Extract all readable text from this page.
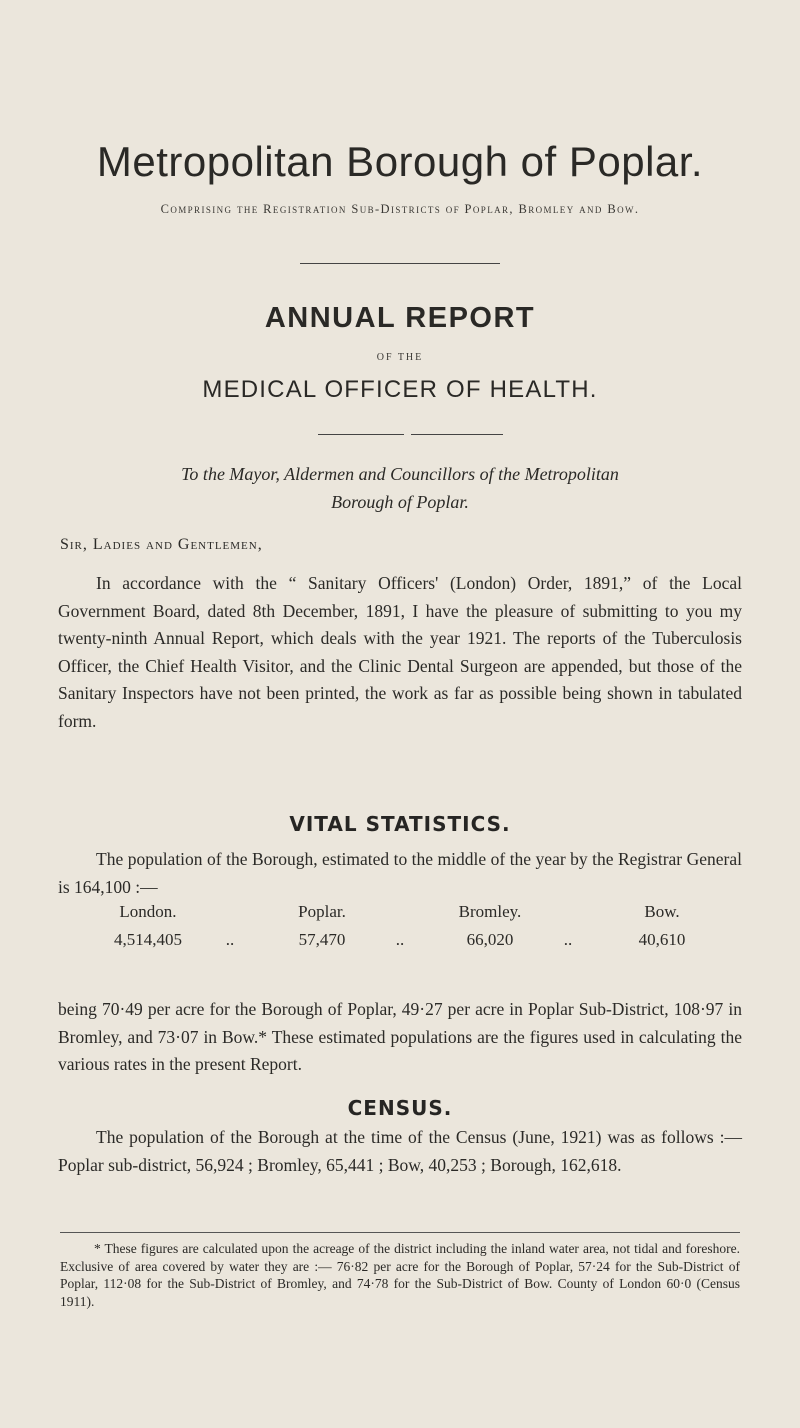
Metropolitan Borough of Poplar.
Comprising the Registration Sub-Districts of Poplar, Bromley and Bow.
ANNUAL REPORT
OF THE
MEDICAL OFFICER OF HEALTH.
To the Mayor, Aldermen and Councillors of the Metropolitan
Borough of Poplar.
Sir, Ladies and Gentlemen,

In accordance with the “ Sanitary Officers' (London) Order, 1891,” of the Local Government Board, dated 8th December, 1891, I have the pleasure of submitting to you my twenty-ninth Annual Report, which deals with the year 1921. The reports of the Tuberculosis Officer, the Chief Health Visitor, and the Clinic Dental Surgeon are appended, but those of the Sanitary Inspectors have not been printed, the work as far as possible being shown in tabulated form.

VITAL STATISTICS.

The population of the Borough, estimated to the middle of the year by the Registrar General is 164,100 :—

London.	Poplar.	Bromley.	Bow.
4,514,405	..	57,470	..	66,020	..	40,610

being 70·49 per acre for the Borough of Poplar, 49·27 per acre in Poplar Sub-District, 108·97 in Bromley, and 73·07 in Bow.* These estimated populations are the figures used in calculating the various rates in the present Report.

CENSUS.

The population of the Borough at the time of the Census (June, 1921) was as follows :—Poplar sub-district, 56,924 ; Bromley, 65,441 ; Bow, 40,253 ; Borough, 162,618.

* These figures are calculated upon the acreage of the district including the inland water area, not tidal and foreshore. Exclusive of area covered by water they are :— 76·82 per acre for the Borough of Poplar, 57·24 for the Sub-District of Poplar, 112·08 for the Sub-District of Bromley, and 74·78 for the Sub-District of Bow. County of London 60·0 (Census 1911).
